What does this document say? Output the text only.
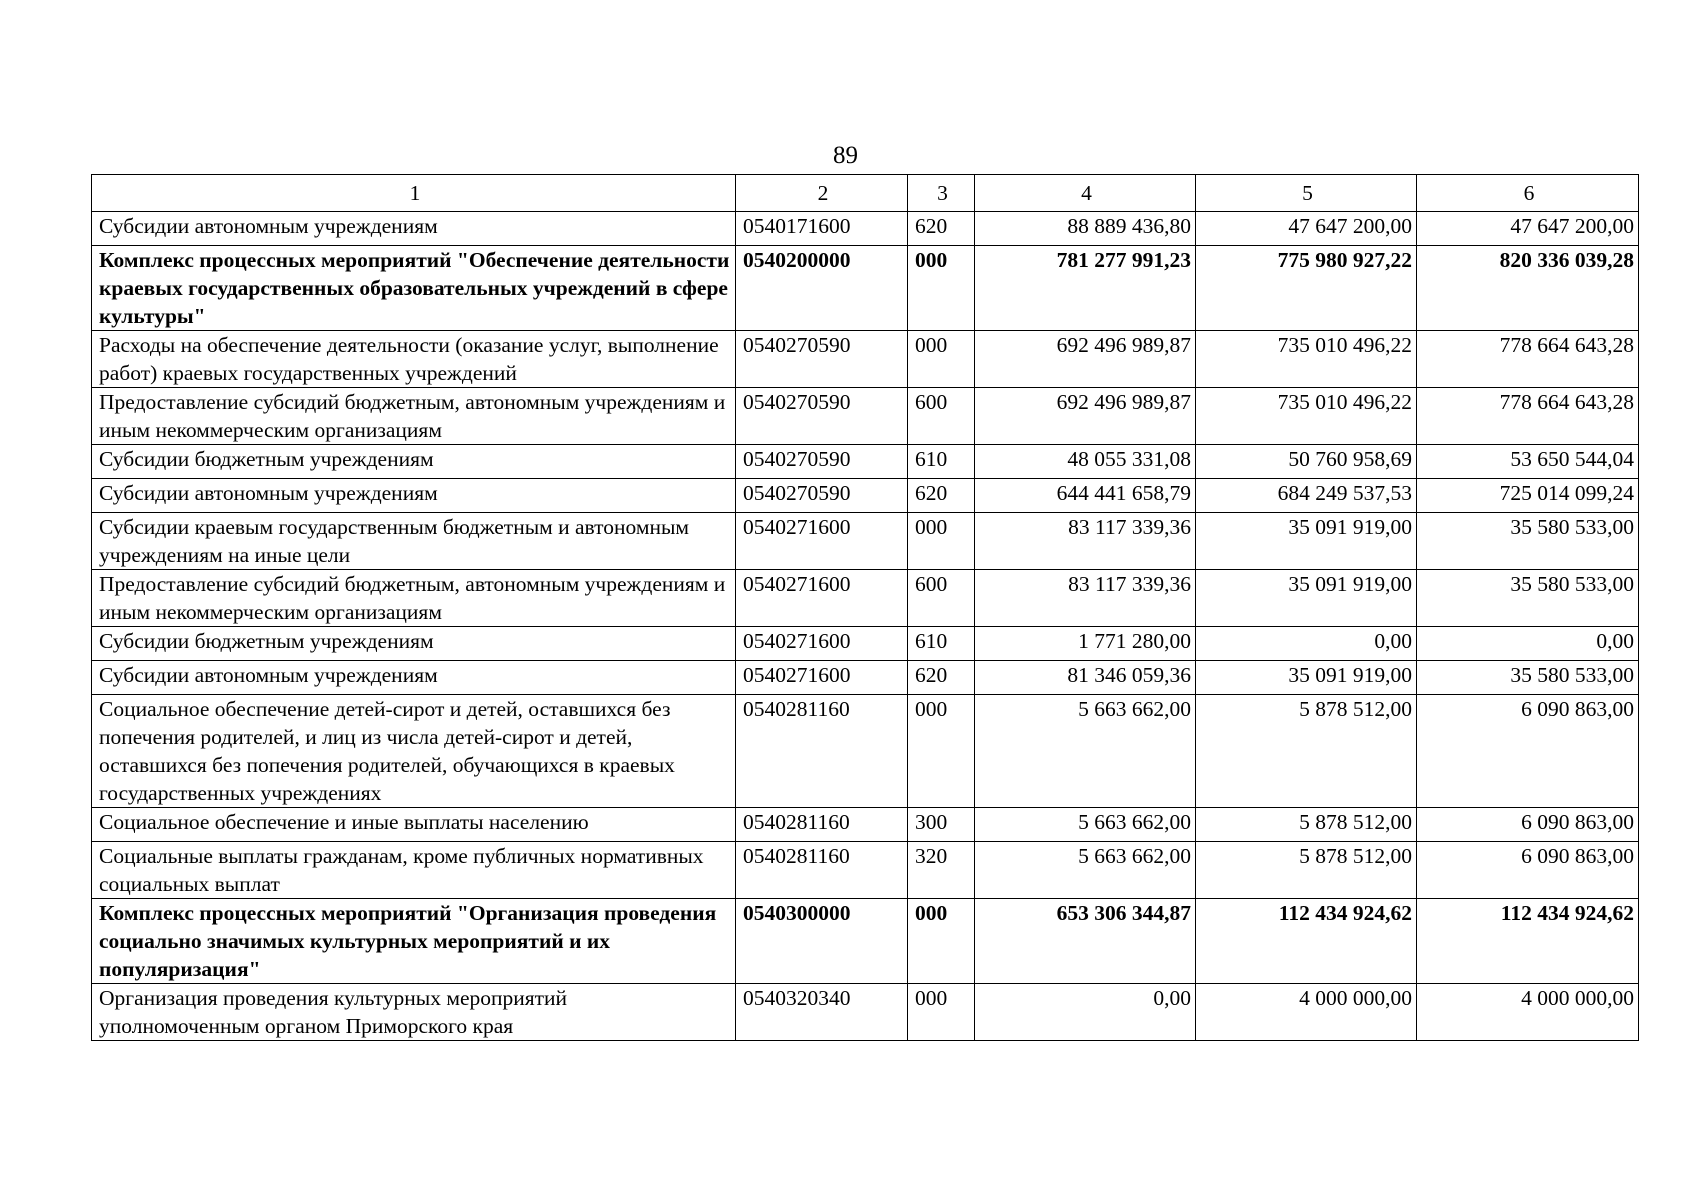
89
1	2	3	4	5	6
Субсидии автономным учреждениям	0540171600	620	88 889 436,80	47 647 200,00	47 647 200,00
Комплекс процессных мероприятий "Обеспечение деятельности краевых государственных образовательных учреждений в сфере культуры"	0540200000	000	781 277 991,23	775 980 927,22	820 336 039,28
Расходы на обеспечение деятельности (оказание услуг, выполнение работ) краевых государственных учреждений	0540270590	000	692 496 989,87	735 010 496,22	778 664 643,28
Предоставление субсидий бюджетным, автономным учреждениям и иным некоммерческим организациям	0540270590	600	692 496 989,87	735 010 496,22	778 664 643,28
Субсидии бюджетным учреждениям	0540270590	610	48 055 331,08	50 760 958,69	53 650 544,04
Субсидии автономным учреждениям	0540270590	620	644 441 658,79	684 249 537,53	725 014 099,24
Субсидии краевым государственным бюджетным и автономным учреждениям на иные цели	0540271600	000	83 117 339,36	35 091 919,00	35 580 533,00
Предоставление субсидий бюджетным, автономным учреждениям и иным некоммерческим организациям	0540271600	600	83 117 339,36	35 091 919,00	35 580 533,00
Субсидии бюджетным учреждениям	0540271600	610	1 771 280,00	0,00	0,00
Субсидии автономным учреждениям	0540271600	620	81 346 059,36	35 091 919,00	35 580 533,00
Социальное обеспечение детей-сирот и детей, оставшихся без попечения родителей, и лиц из числа детей-сирот и детей, оставшихся без попечения родителей, обучающихся в краевых государственных учреждениях	0540281160	000	5 663 662,00	5 878 512,00	6 090 863,00
Социальное обеспечение и иные выплаты населению	0540281160	300	5 663 662,00	5 878 512,00	6 090 863,00
Социальные выплаты гражданам, кроме публичных нормативных социальных выплат	0540281160	320	5 663 662,00	5 878 512,00	6 090 863,00
Комплекс процессных мероприятий "Организация проведения социально значимых культурных мероприятий и их популяризация"	0540300000	000	653 306 344,87	112 434 924,62	112 434 924,62
Организация проведения культурных мероприятий уполномоченным органом Приморского края	0540320340	000	0,00	4 000 000,00	4 000 000,00
